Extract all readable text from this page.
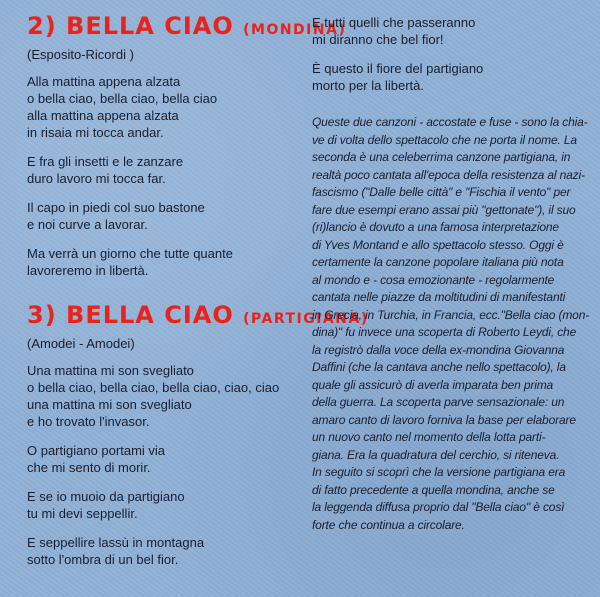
2) BELLA CIAO (MONDINA)
(Esposito-Ricordi )

Alla mattina appena alzata
o bella ciao, bella ciao, bella ciao
alla mattina appena alzata
in risaia mi tocca andar.

E fra gli insetti e le zanzare
duro lavoro mi tocca far.

Il capo in piedi col suo bastone
e noi curve a lavorar.

Ma verrà un giorno che tutte quante
lavoreremo in libertà.

3) BELLA CIAO (PARTIGIANA)
(Amodei - Amodei)

Una mattina mi son svegliato
o bella ciao, bella ciao, bella ciao, ciao, ciao
una mattina mi son svegliato
e ho trovato l'invasor.

O partigiano portami via
che mi sento di morir.

E se io muoio da partigiano
tu mi devi seppellir.

E seppellire lassù in montagna
sotto l'ombra di un bel fior.

E tutti quelli che passeranno
mi diranno che bel fior!

È questo il fiore del partigiano
morto per la libertà.

Queste due canzoni - accostate e fuse - sono la chia-
ve di volta dello spettacolo che ne porta il nome. La
seconda è una celeberrima canzone partigiana, in
realtà poco cantata all'epoca della resistenza al nazi-
fascismo ("Dalle belle città" e "Fischia il vento" per
fare due esempi erano assai più "gettonate"), il suo
(ri)lancio è dovuto a una famosa interpretazione
di Yves Montand e allo spettacolo stesso. Oggi è
certamente la canzone popolare italiana più nota
al mondo e - cosa emozionante - regolarmente
cantata nelle piazze da moltitudini di manifestanti
in Grecia, in Turchia, in Francia, ecc."Bella ciao (mon-
dina)" fu invece una scoperta di Roberto Leydi, che
la registrò dalla voce della ex-mondina Giovanna
Daffini (che la cantava anche nello spettacolo), la
quale gli assicurò di averla imparata ben prima
della guerra. La scoperta parve sensazionale: un
amaro canto di lavoro forniva la base per elaborare
un nuovo canto nel momento della lotta parti-
giana. Era la quadratura del cerchio, si riteneva.
In seguito si scoprì che la versione partigiana era
di fatto precedente a quella mondina, anche se
la leggenda diffusa proprio dal "Bella ciao" è così
forte che continua a circolare.
